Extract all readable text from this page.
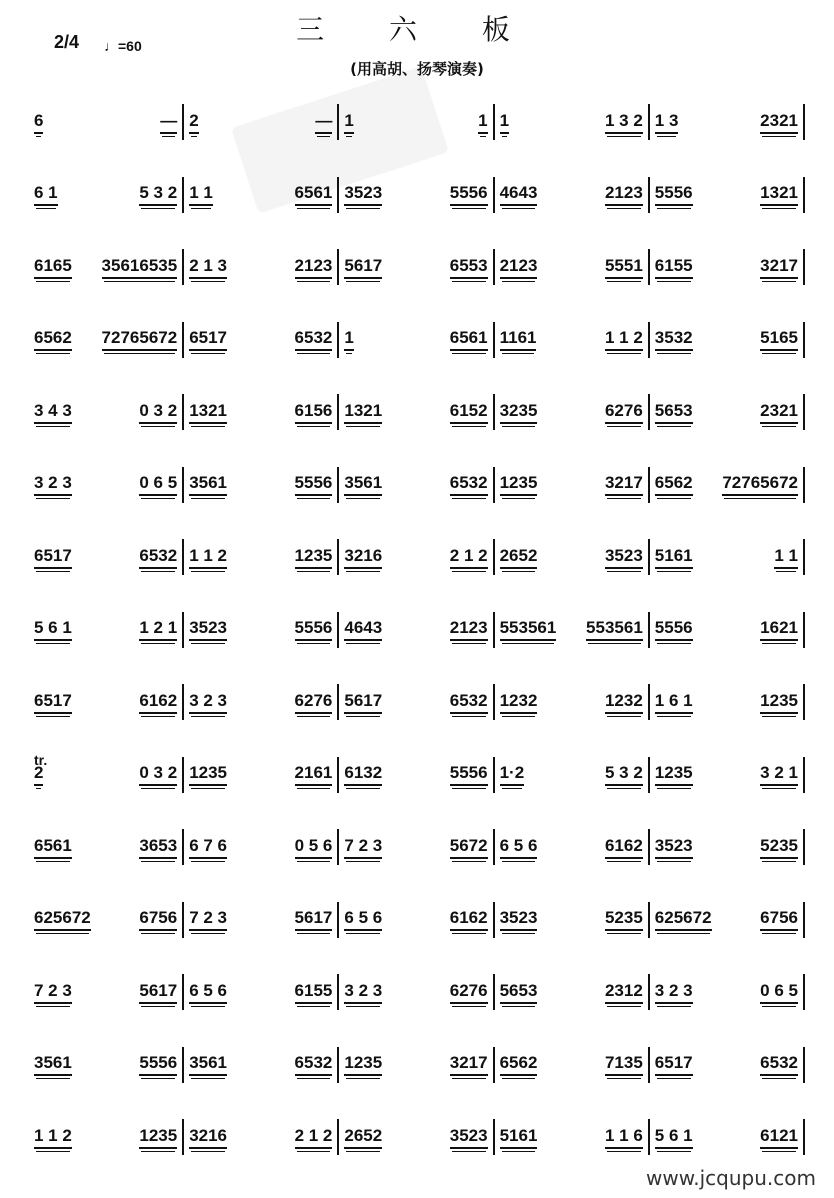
三 六 板
(用高胡、扬琴演奏)
2/4 ♩=60
tr.
6	— 2	— 1	1 1	1 3 2 1 3	2321
6 1	5 3 2 1 1	6561 3523	5556 4643	2123 5556	1321
6165 35616535 2 1 3	2123 5617	6553 2123	5551 6155	3217
6562 72765672 6517	6532 1	6561 1161	1 1 2 3532	5165
3 4 3	0 3 2 1321	6156 1321	6152 3235	6276 5653	2321
3 2 3	0 6 5 3561	5556 3561	6532 1235	3217 6562 72765672
6517	6532 1 1 2	1235 3216	2 1 2 2652	3523 5161	1 1
5 6 1	1 2 1 3523	5556 4643	2123 553561 553561 5556	1621
6517	6162 3 2 3	6276 5617	6532 1232	1232 1 6 1	1235
2	0 3 2 1235	2161 6132	5556 1·2	5 3 2 1235	3 2 1
6561	3653 6 7 6	0 5 6 7 2 3	5672 6 5 6	6162 3523	5235
625672	6756 7 2 3	5617 6 5 6	6162 3523	5235 625672	6756
7 2 3	5617 6 5 6	6155 3 2 3	6276 5653	2312 3 2 3	0 6 5
3561	5556 3561	6532 1235	3217 6562	7135 6517	6532
1 1 2	1235 3216	2 1 2 2652	3523 5161	1 1 6 5 6 1	6121
www.jcqupu.com
